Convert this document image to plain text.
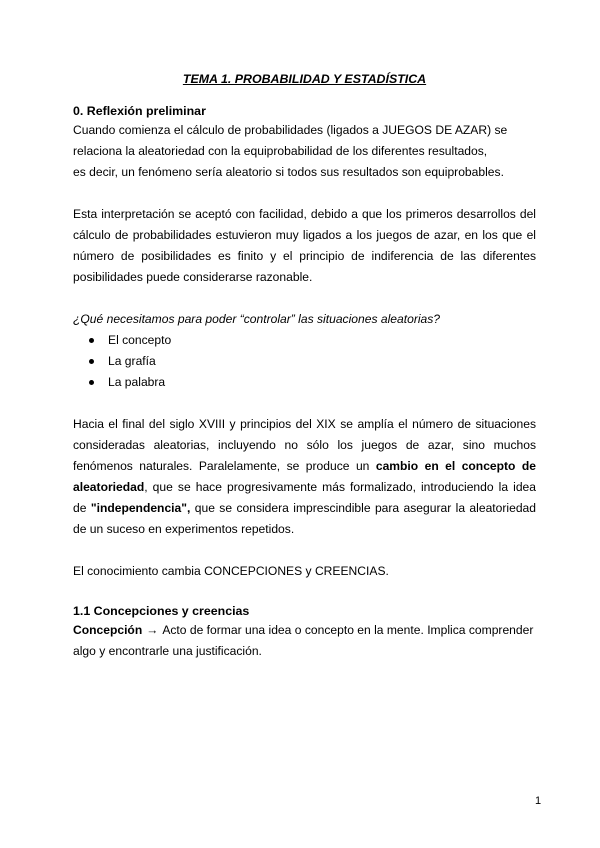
TEMA 1. PROBABILIDAD Y ESTADÍSTICA
0. Reflexión preliminar
Cuando comienza el cálculo de probabilidades (ligados a JUEGOS DE AZAR) se
relaciona la aleatoriedad con la equiprobabilidad de los diferentes resultados,
es decir, un fenómeno sería aleatorio si todos sus resultados son equiprobables.

Esta interpretación se aceptó con facilidad, debido a que los primeros desarrollos del cálculo de probabilidades estuvieron muy ligados a los juegos de azar, en los que el número de posibilidades es finito y el principio de indiferencia de las diferentes posibilidades puede considerarse razonable.

¿Qué necesitamos para poder “controlar” las situaciones aleatorias?

El concepto
La grafía
La palabra

Hacia el final del siglo XVIII y principios del XIX se amplía el número de situaciones consideradas aleatorias, incluyendo no sólo los juegos de azar, sino muchos fenómenos naturales. Paralelamente, se produce un cambio en el concepto de aleatoriedad, que se hace progresivamente más formalizado, introduciendo la idea de "independencia", que se considera imprescindible para asegurar la aleatoriedad de un suceso en experimentos repetidos.

El conocimiento cambia CONCEPCIONES y CREENCIAS.

1.1 Concepciones y creencias

Concepción → Acto de formar una idea o concepto en la mente. Implica comprender algo y encontrarle una justificación.

1
